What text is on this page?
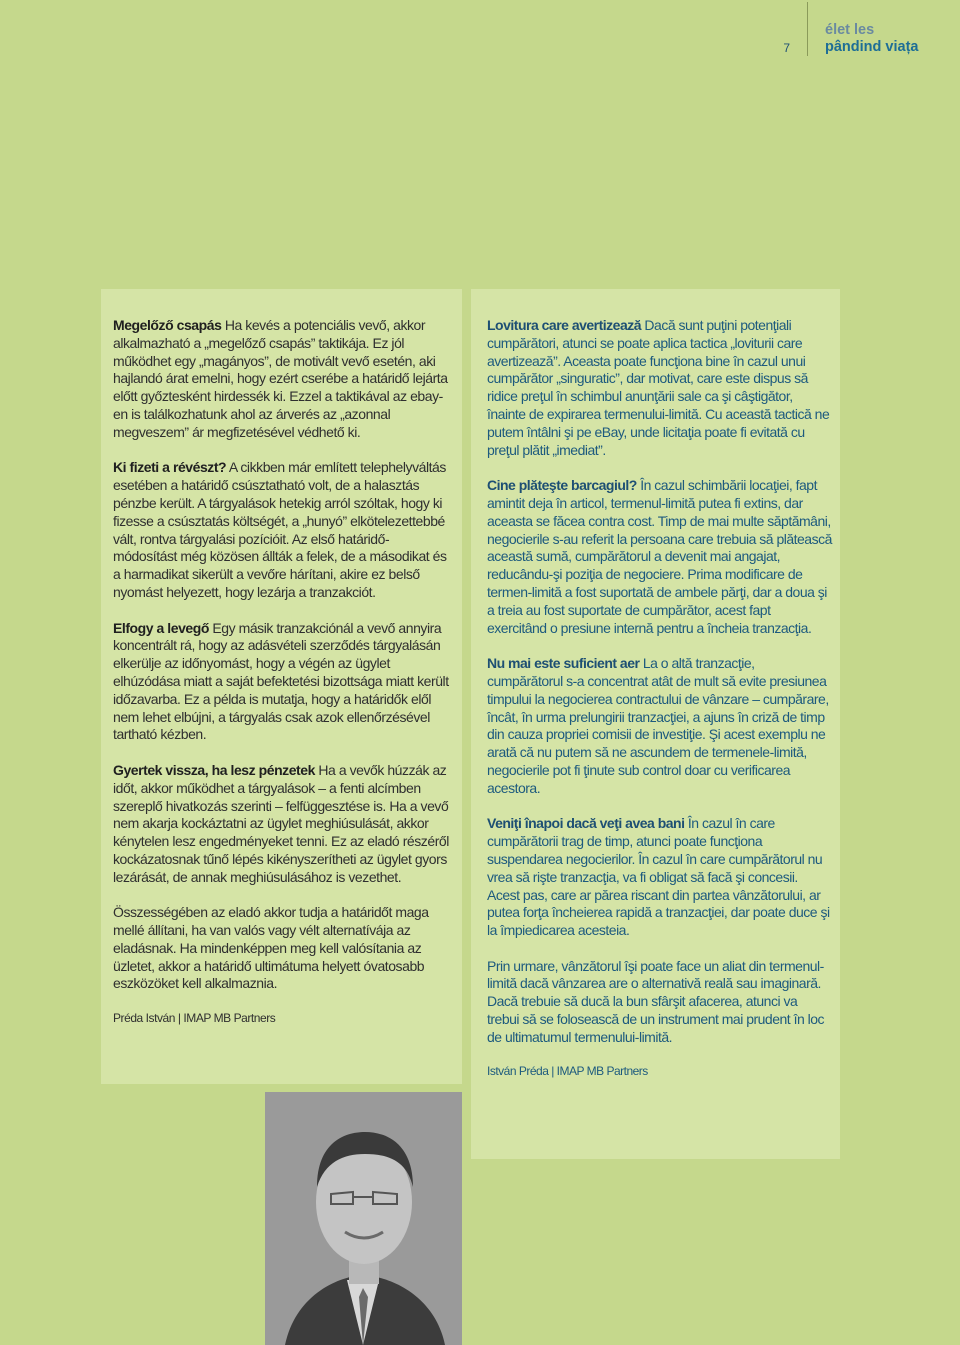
7
élet les
pândind viața

Megelőző csapás Ha kevés a potenciális vevő, akkor alkalmazható a „megelőző csapás” taktikája. Ez jól működhet egy „magányos”, de motivált vevő esetén, aki hajlandó árat emelni, hogy ezért cserébe a határidő lejárta előtt győztesként hirdessék ki. Ezzel a taktikával az ebay-en is találkozhatunk ahol az árverés az „azonnal megveszem” ár megfizetésével védhető ki.

Ki fizeti a révészt? A cikkben már említett telephelyváltás esetében a határidő csúsztatható volt, de a halasztás pénzbe került. A tárgyalások hetekig arról szóltak, hogy ki fizesse a csúsztatás költségét, a „hunyó” elkötelezettebbé vált, rontva tárgyalási pozícióit. Az első határidő-módosítást még közösen állták a felek, de a másodikat és a harmadikat sikerült a vevőre hárítani, akire ez belső nyomást helyezett, hogy lezárja a tranzakciót.

Elfogy a levegő Egy másik tranzakciónál a vevő annyira koncentrált rá, hogy az adásvételi szerződés tárgyalásán elkerülje az időnyomást, hogy a végén az ügylet elhúzódása miatt a saját befektetési bizottsága miatt került időzavarba. Ez a példa is mutatja, hogy a határidők elől nem lehet elbújni, a tárgyalás csak azok ellenőrzésével tartható kézben.

Gyertek vissza, ha lesz pénzetek Ha a vevők húzzák az időt, akkor működhet a tárgyalások – a fenti alcímben szereplő hivatkozás szerinti – felfüggesztése is. Ha a vevő nem akarja kockáztatni az ügylet meghiúsulását, akkor kénytelen lesz engedményeket tenni. Ez az eladó részéről kockázatosnak tűnő lépés kikényszerítheti az ügylet gyors lezárását, de annak meghiúsulásához is vezethet.

Összességében az eladó akkor tudja a határidőt maga mellé állítani, ha van valós vagy vélt alternatívája az eladásnak. Ha mindenképpen meg kell valósítania az üzletet, akkor a határidő ultimátuma helyett óvatosabb eszközöket kell alkalmaznia.

Préda István | IMAP MB Partners

Lovitura care avertizează Dacă sunt puţini potenţiali cumpărători, atunci se poate aplica tactica „loviturii care avertizează”. Aceasta poate funcţiona bine în cazul unui cumpărător „singuratic”, dar motivat, care este dispus să ridice preţul în schimbul anunţării sale ca şi câştigător, înainte de expirarea termenului-limită. Cu această tactică ne putem întâlni şi pe eBay, unde licitaţia poate fi evitată cu preţul plătit „imediat”.

Cine plăteşte barcagiul? În cazul schimbării locaţiei, fapt amintit deja în articol, termenul-limită putea fi extins, dar aceasta se făcea contra cost. Timp de mai multe săptămâni, negocierile s-au referit la persoana care trebuia să plătească această sumă, cumpărătorul a devenit mai angajat, reducându-şi poziţia de negociere. Prima modificare de termen-limită a fost suportată de ambele părţi, dar a doua şi a treia au fost suportate de cumpărător, acest fapt exercitând o presiune internă pentru a încheia tranzacţia.

Nu mai este suficient aer La o altă tranzacţie, cumpărătorul s-a concentrat atât de mult să evite presiunea timpului la negocierea contractului de vânzare – cumpărare, încât, în urma prelungirii tranzacţiei, a ajuns în criză de timp din cauza propriei comisii de investiţie. Şi acest exemplu ne arată că nu putem să ne ascundem de termenele-limită, negocierile pot fi ţinute sub control doar cu verificarea acestora.

Veniţi înapoi dacă veţi avea bani În cazul în care cumpărătorii trag de timp, atunci poate funcţiona suspendarea negocierilor. În cazul în care cumpărătorul nu vrea să rişte tranzacţia, va fi obligat să facă şi concesii. Acest pas, care ar părea riscant din partea vânzătorului, ar putea forţa încheierea rapidă a tranzacţiei, dar poate duce şi la împiedicarea acesteia.

Prin urmare, vânzătorul îşi poate face un aliat din termenul-limită dacă vânzarea are o alternativă reală sau imaginară. Dacă trebuie să ducă la bun sfârşit afacerea, atunci va trebui să se folosească de un instrument mai prudent în loc de ultimatumul termenului-limită.

István Préda | IMAP MB Partners
